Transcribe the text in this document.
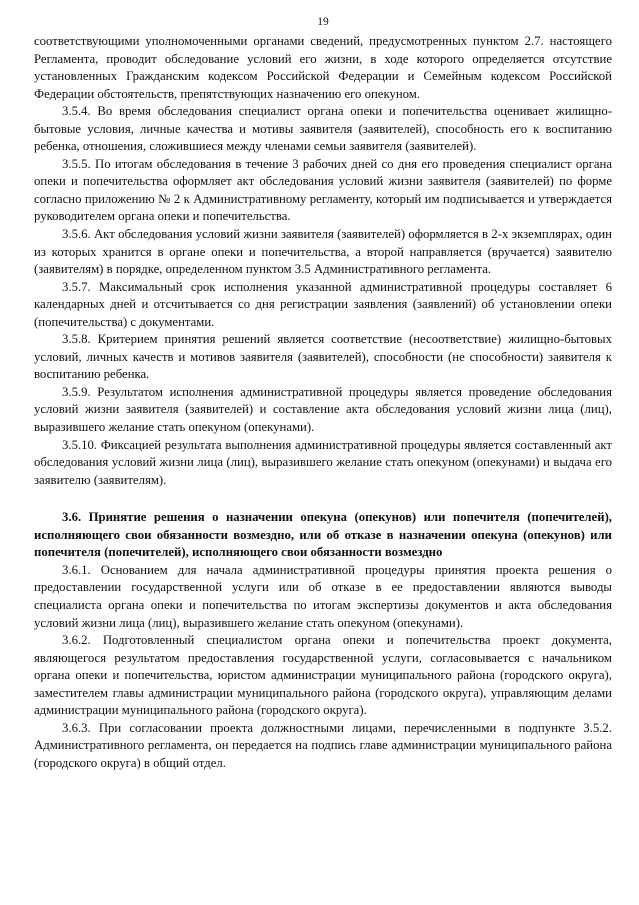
19

соответствующими уполномоченными органами сведений, предусмотренных пунктом 2.7. настоящего Регламента, проводит обследование условий его жизни, в ходе которого определяется отсутствие установленных Гражданским кодексом Российской Федерации и Семейным кодексом Российской Федерации обстоятельств, препятствующих назначению его опекуном.

3.5.4. Во время обследования специалист органа опеки и попечительства оценивает жилищно-бытовые условия, личные качества и мотивы заявителя (заявителей), способность его к воспитанию ребенка, отношения, сложившиеся между членами семьи заявителя (заявителей).

3.5.5. По итогам обследования в течение 3 рабочих дней со дня его проведения специалист органа опеки и попечительства оформляет акт обследования условий жизни заявителя (заявителей) по форме согласно приложению № 2 к Административному регламенту, который им подписывается и утверждается руководителем органа опеки и попечительства.

3.5.6. Акт обследования условий жизни заявителя (заявителей) оформляется в 2-х экземплярах, один из которых хранится в органе опеки и попечительства, а второй направляется (вручается) заявителю (заявителям) в порядке, определенном пунктом 3.5 Административного регламента.

3.5.7. Максимальный срок исполнения указанной административной процедуры составляет 6 календарных дней и отсчитывается со дня регистрации заявления (заявлений) об установлении опеки (попечительства) с документами.

3.5.8. Критерием принятия решений является соответствие (несоответствие) жилищно-бытовых условий, личных качеств и мотивов заявителя (заявителей), способности (не способности) заявителя к воспитанию ребенка.

3.5.9. Результатом исполнения административной процедуры является проведение обследования условий жизни заявителя (заявителей) и составление акта обследования условий жизни лица (лиц), выразившего желание стать опекуном (опекунами).

3.5.10. Фиксацией результата выполнения административной процедуры является составленный акт обследования условий жизни лица (лиц), выразившего желание стать опекуном (опекунами) и выдача его заявителю (заявителям).

3.6. Принятие решения о назначении опекуна (опекунов) или попечителя (попечителей), исполняющего свои обязанности возмездно, или об отказе в назначении опекуна (опекунов) или попечителя (попечителей), исполняющего свои обязанности возмездно

3.6.1. Основанием для начала административной процедуры принятия проекта решения о предоставлении государственной услуги или об отказе в ее предоставлении являются выводы специалиста органа опеки и попечительства по итогам экспертизы документов и акта обследования условий жизни лица (лиц), выразившего желание стать опекуном (опекунами).

3.6.2. Подготовленный специалистом органа опеки и попечительства проект документа, являющегося результатом предоставления государственной услуги, согласовывается с начальником органа опеки и попечительства, юристом администрации муниципального района (городского округа), заместителем главы администрации муниципального района (городского округа), управляющим делами администрации муниципального района (городского округа).

3.6.3. При согласовании проекта должностными лицами, перечисленными в подпункте 3.5.2. Административного регламента, он передается на подпись главе администрации муниципального района (городского округа) в общий отдел.
